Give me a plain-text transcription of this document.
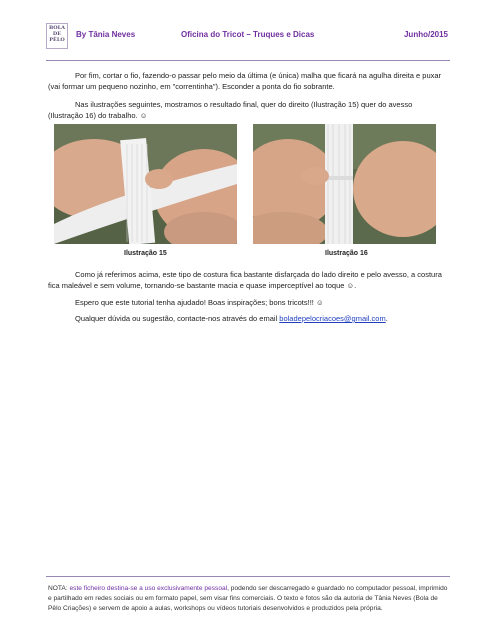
BOLA
DE
PÊLO
By Tânia Neves	Oficina do Tricot – Truques e Dicas	Junho/2015
Por fim, cortar o fio, fazendo-o passar pelo meio da última (e única) malha que ficará na agulha direita e puxar (vai formar um pequeno nozinho, em "correntinha"). Esconder a ponta do fio sobrante.
Nas ilustrações seguintes, mostramos o resultado final, quer do direito (Ilustração 15) quer do avesso (Ilustração 16) do trabalho. ☺
Ilustração 15	Ilustração 16
Como já referimos acima, este tipo de costura fica bastante disfarçada do lado direito e pelo avesso, a costura fica maleável e sem volume, tornando-se bastante macia e quase imperceptível ao toque ☺.
Espero que este tutorial tenha ajudado! Boas inspirações; bons tricots!!! ☺
Qualquer dúvida ou sugestão, contacte-nos através do email boladepelocriacoes@gmail.com.
NOTA: este ficheiro destina-se a uso exclusivamente pessoal, podendo ser descarregado e guardado no computador pessoal, imprimido e partilhado em redes sociais ou em formato papel, sem visar fins comerciais. O texto e fotos são da autoria de Tânia Neves (Bola de Pêlo Criações) e servem de apoio a aulas, workshops ou vídeos tutoriais desenvolvidos e produzidos pela própria.
